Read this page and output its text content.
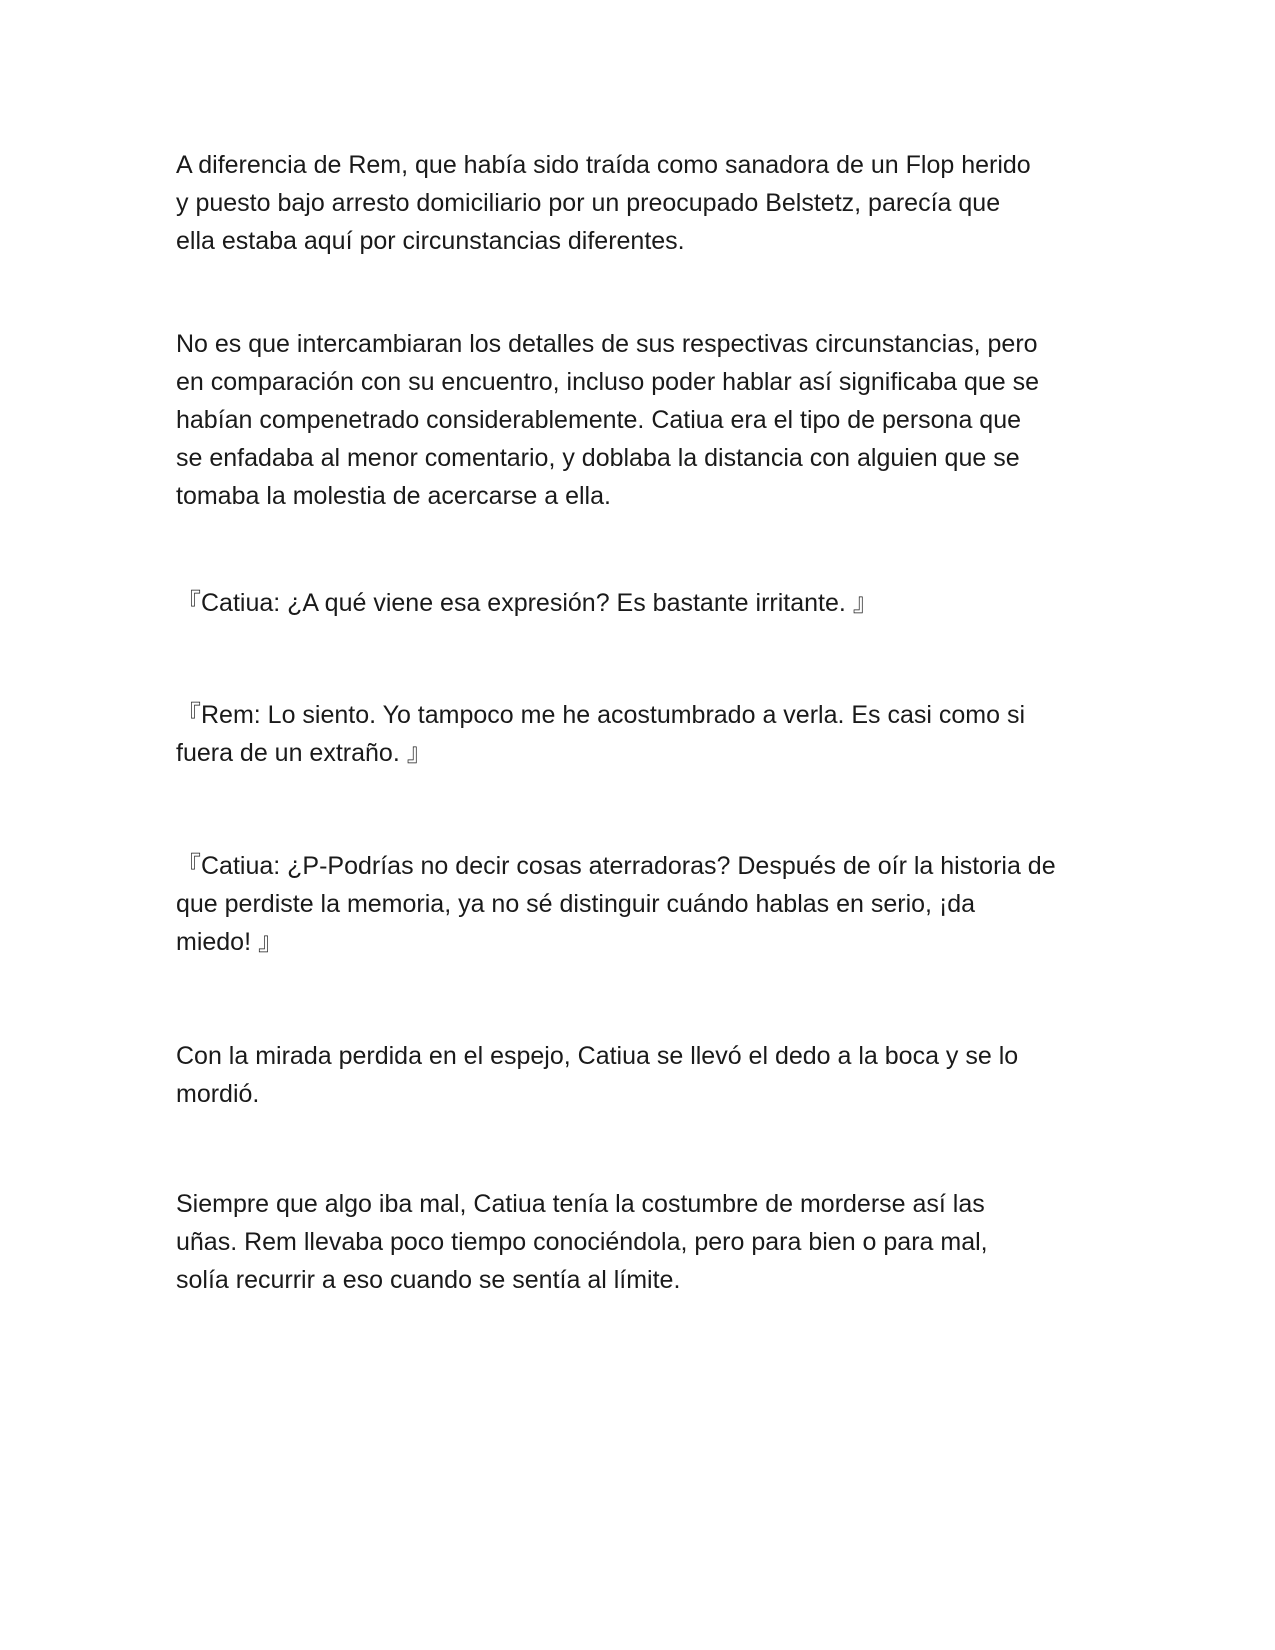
A diferencia de Rem, que había sido traída como sanadora de un Flop herido
y puesto bajo arresto domiciliario por un preocupado Belstetz, parecía que
ella estaba aquí por circunstancias diferentes.
No es que intercambiaran los detalles de sus respectivas circunstancias, pero
en comparación con su encuentro, incluso poder hablar así significaba que se
habían compenetrado considerablemente. Catiua era el tipo de persona que
se enfadaba al menor comentario, y doblaba la distancia con alguien que se
tomaba la molestia de acercarse a ella.
『Catiua: ¿A qué viene esa expresión? Es bastante irritante. 』
『Rem: Lo siento. Yo tampoco me he acostumbrado a verla. Es casi como si
fuera de un extraño. 』
『Catiua: ¿P-Podrías no decir cosas aterradoras? Después de oír la historia de
que perdiste la memoria, ya no sé distinguir cuándo hablas en serio, ¡da
miedo! 』
Con la mirada perdida en el espejo, Catiua se llevó el dedo a la boca y se lo
mordió.
Siempre que algo iba mal, Catiua tenía la costumbre de morderse así las
uñas. Rem llevaba poco tiempo conociéndola, pero para bien o para mal,
solía recurrir a eso cuando se sentía al límite.
